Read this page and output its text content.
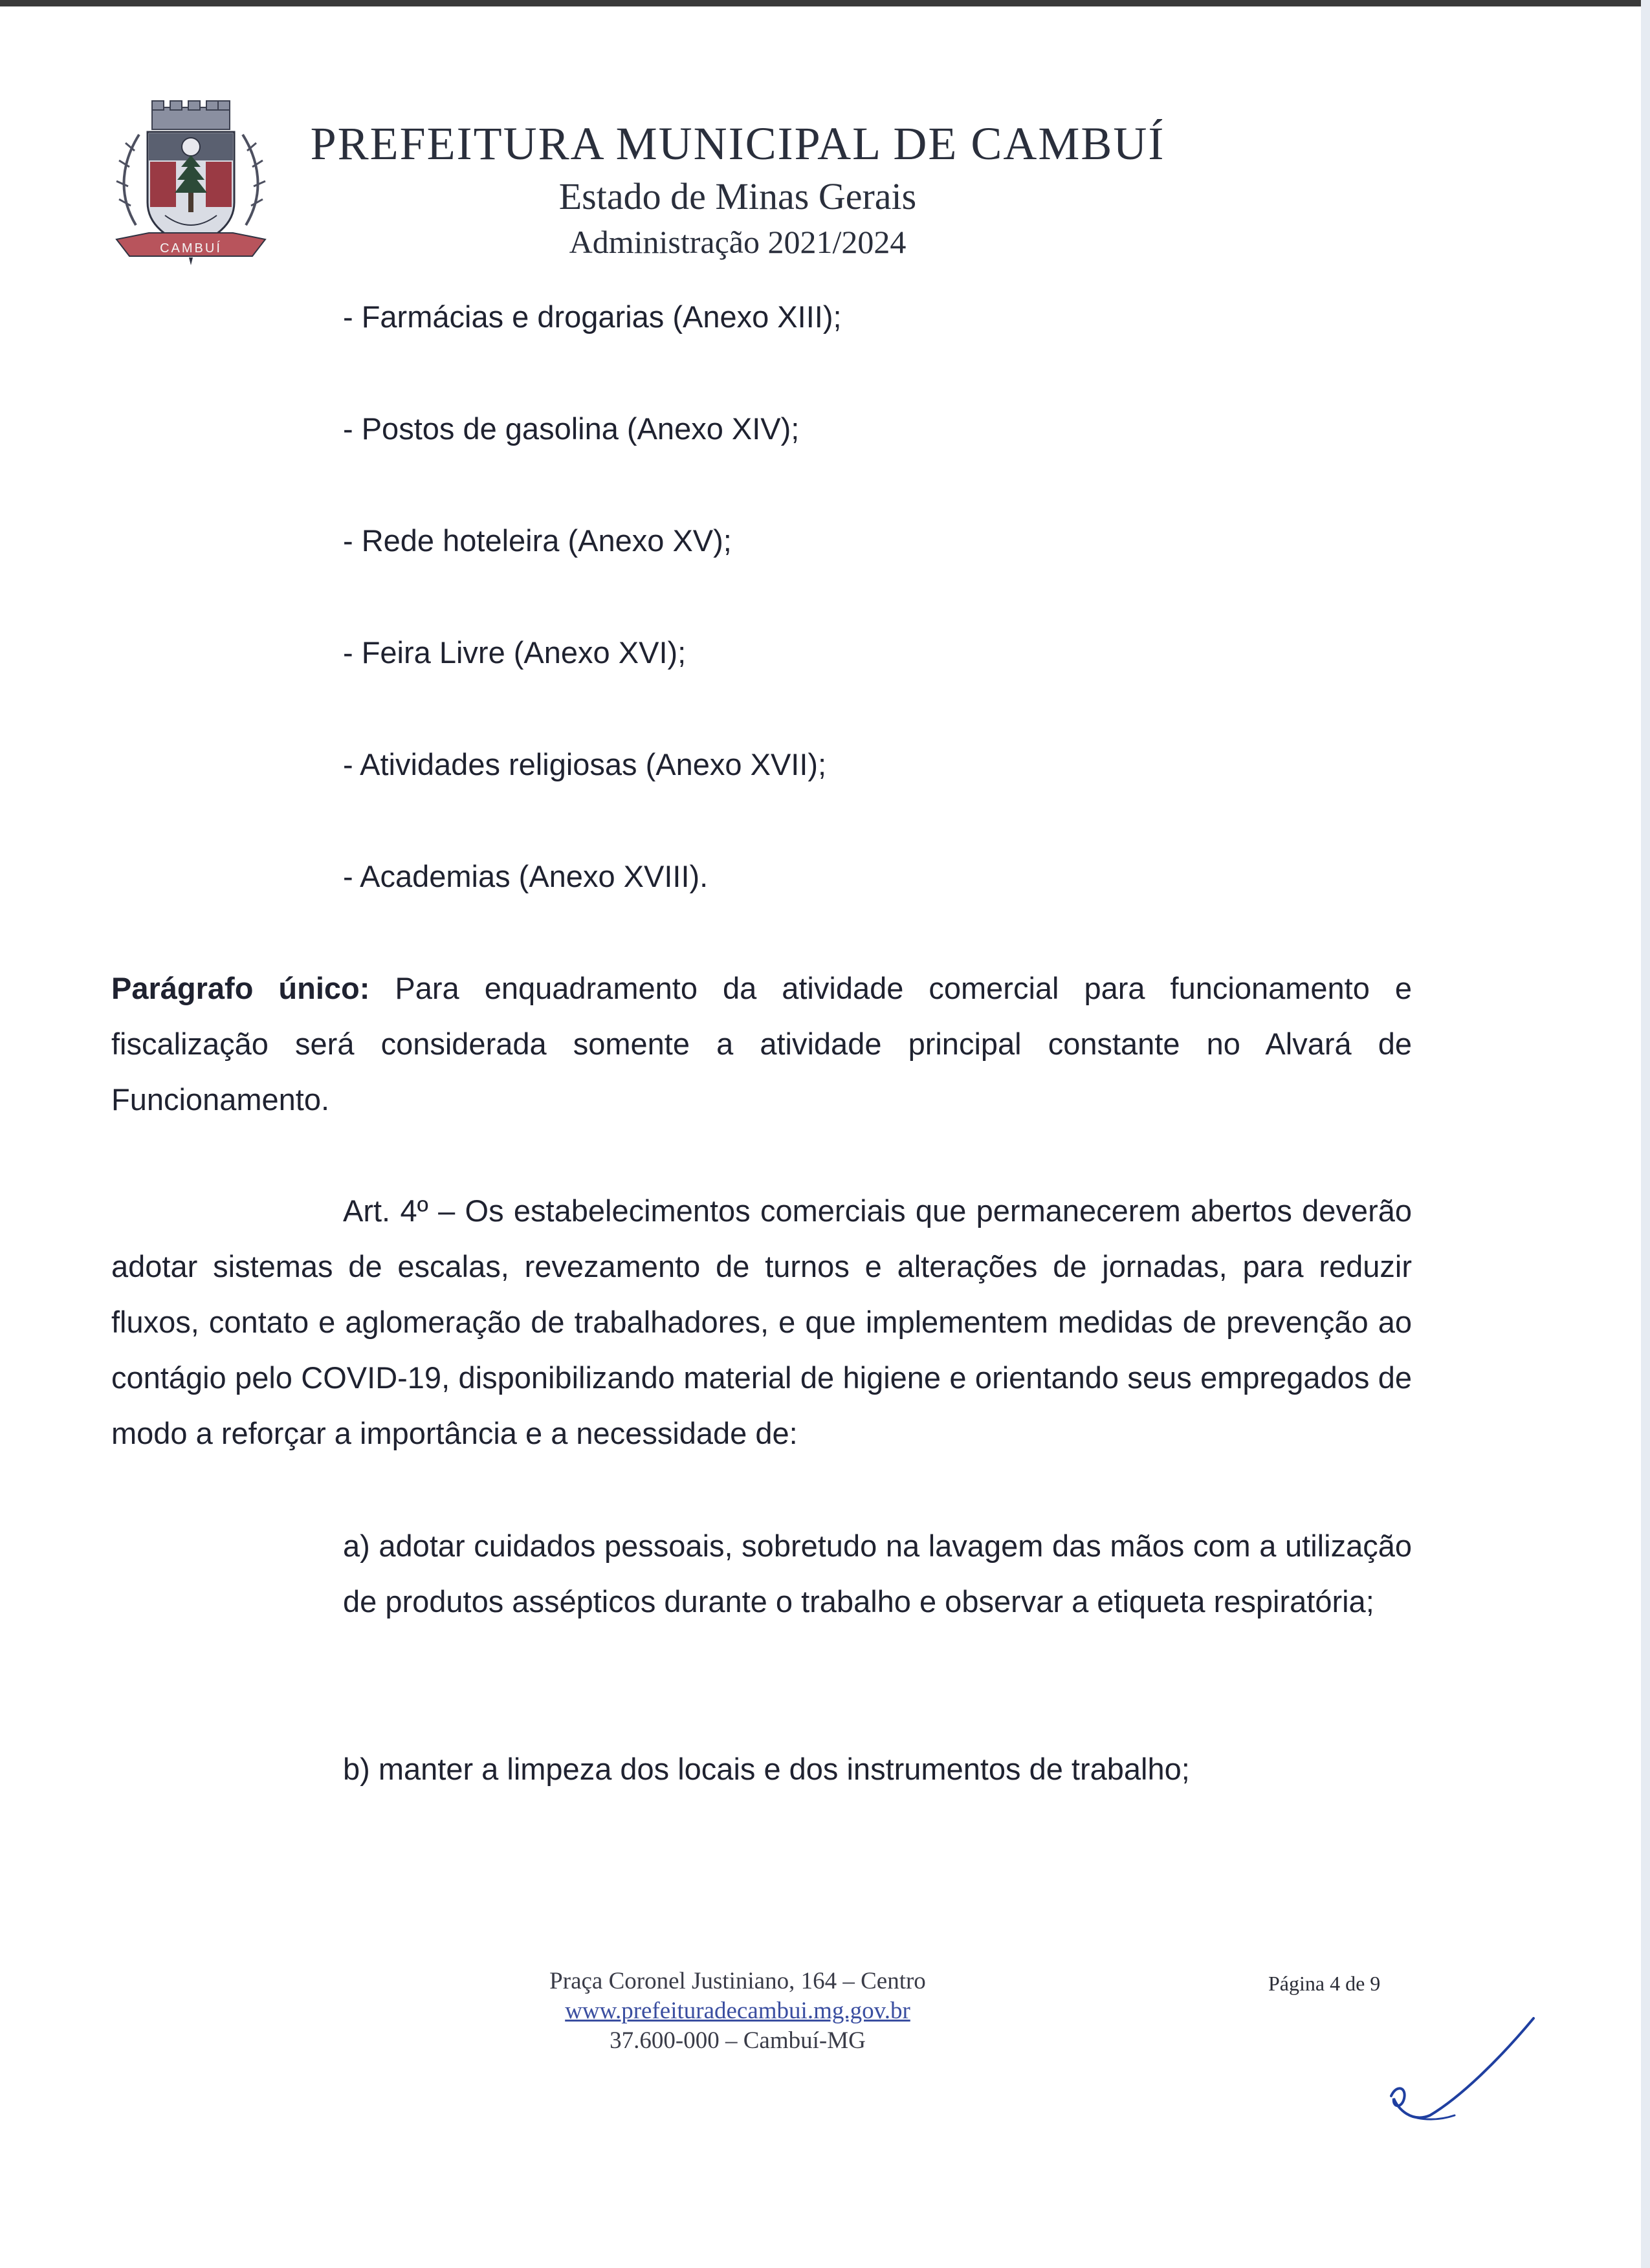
CAMBUÍ
PREFEITURA MUNICIPAL DE CAMBUÍ
Estado de Minas Gerais
Administração 2021/2024
- Farmácias e drogarias (Anexo XIII);
- Postos de gasolina (Anexo XIV);
- Rede hoteleira (Anexo XV);
- Feira Livre (Anexo XVI);
- Atividades religiosas (Anexo XVII);
- Academias (Anexo XVIII).
Parágrafo único: Para enquadramento da atividade comercial para funcionamento e fiscalização será considerada somente a atividade principal constante no Alvará de Funcionamento.
Art. 4º – Os estabelecimentos comerciais que permanecerem abertos deverão adotar sistemas de escalas, revezamento de turnos e alterações de jornadas, para reduzir fluxos, contato e aglomeração de trabalhadores, e que implementem medidas de prevenção ao contágio pelo COVID-19, disponibilizando material de higiene e orientando seus empregados de modo a reforçar a importância e a necessidade de:
a) adotar cuidados pessoais, sobretudo na lavagem das mãos com a utilização de produtos assépticos durante o trabalho e observar a etiqueta respiratória;
b) manter a limpeza dos locais e dos instrumentos de trabalho;
Praça Coronel Justiniano, 164 – Centro
www.prefeituradecambui.mg.gov.br
37.600-000 – Cambuí-MG
Página 4 de 9
